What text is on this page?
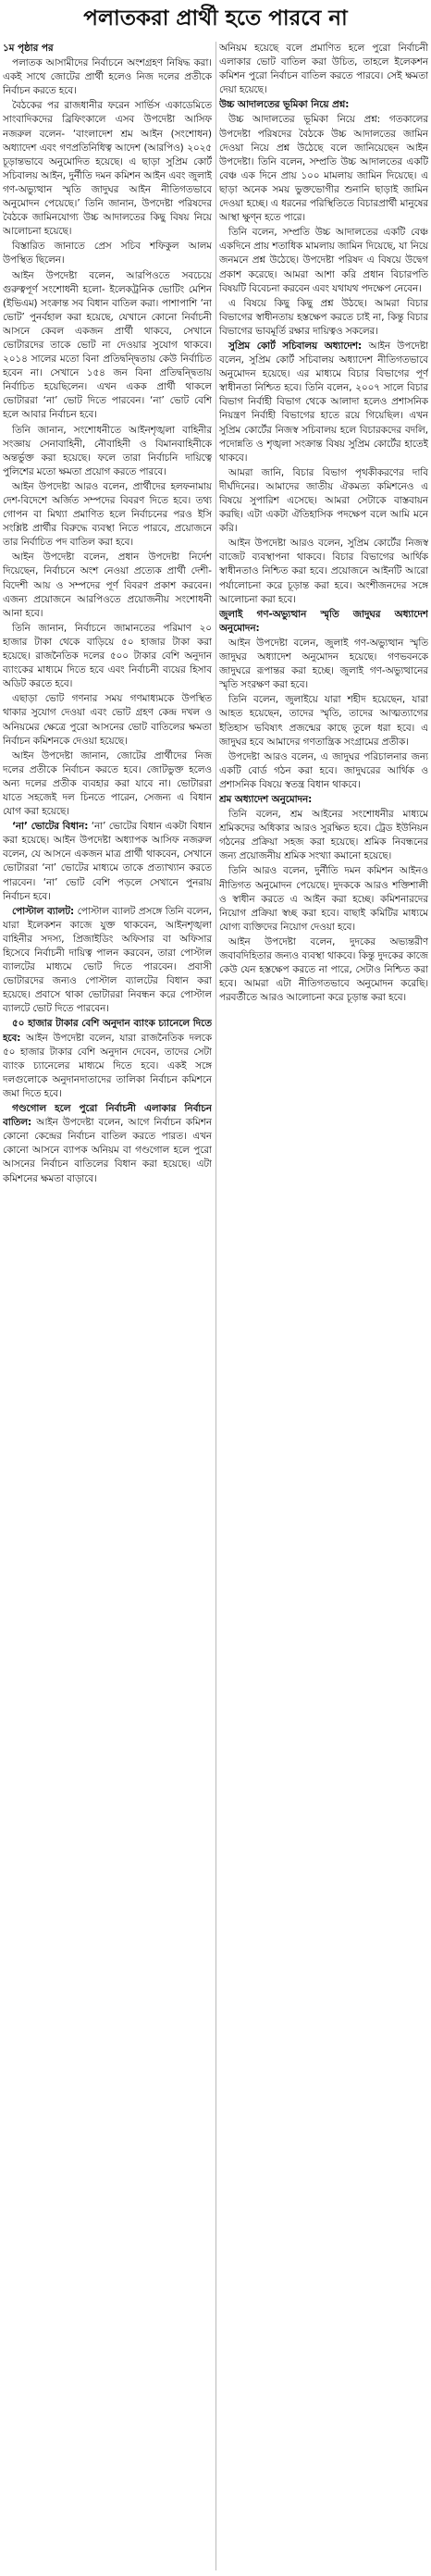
পলাতকরা প্রার্থী হতে পারবে না
১ম পৃষ্ঠার পর

পলাতক আসামীদের নির্বাচনে অংশগ্রহণ নিষিদ্ধ করা। একই সাথে জোটের প্রার্থী হলেও নিজ দলের প্রতীকে নির্বাচন করতে হবে।

বৈঠকের পর রাজধানীর ফরেন সার্ভিস একাডেমিতে সাংবাদিকদের ব্রিফিংকালে এসব উপদেষ্টা আসিফ নজরুল বলেন- ‘বাংলাদেশ শ্রম আইন (সংশোধন) অধ্যাদেশ এবং গণপ্রতিনিধিত্ব আদেশ (আরপিও) ২০২৫ চূড়ান্তভাবে অনুমোদিত হয়েছে। এ ছাড়া সুপ্রিম কোর্ট সচিবালয় আইন, দুর্নীতি দমন কমিশন আইন এবং জুলাই গণ-অভ্যুত্থান স্মৃতি জাদুঘর আইন নীতিগতভাবে অনুমোদন পেয়েছে।’ তিনি জানান, উপদেষ্টা পরিষদের বৈঠকে জামিনযোগ্য উচ্চ আদালতের কিছু বিষয় নিয়ে আলোচনা হয়েছে।

বিস্তারিত জানাতে প্রেস সচিব শফিকুল আলম উপস্থিত ছিলেন।

আইন উপদেষ্টা বলেন, আরপিওতে সবচেয়ে গুরুত্বপূর্ণ সংশোধনী হলো- ইলেকট্রনিক ভোটিং মেশিন (ইভিএম) সংক্রান্ত সব বিধান বাতিল করা। পাশাপাশি ‘না ভোট’ পুনর্বহাল করা হয়েছে, যেখানে কোনো নির্বাচনী আসনে কেবল একজন প্রার্থী থাকবে, সেখানে ভোটারদের তাকে ভোট না দেওয়ার সুযোগ থাকবে। ২০১৪ সালের মতো বিনা প্রতিদ্বন্দ্বিতায় কেউ নির্বাচিত হবেন না। সেখানে ১৫৪ জন বিনা প্রতিদ্বন্দ্বিতায় নির্বাচিত হয়েছিলেন। এখন একক প্রার্থী থাকলে ভোটাররা ‘না’ ভোট দিতে পারবেন। ‘না’ ভোট বেশি হলে আবার নির্বাচন হবে।

তিনি জানান, সংশোধনীতে আইনশৃঙ্খলা বাহিনীর সংজ্ঞায় সেনাবাহিনী, নৌবাহিনী ও বিমানবাহিনীকে অন্তর্ভুক্ত করা হয়েছে। ফলে তারা নির্বাচনি দায়িত্বে পুলিশের মতো ক্ষমতা প্রয়োগ করতে পারবে।

আইন উপদেষ্টা আরও বলেন, প্রার্থীদের হলফনামায় দেশ-বিদেশে অর্জিত সম্পদের বিবরণ দিতে হবে। তথ্য গোপন বা মিথ্যা প্রমাণিত হলে নির্বাচনের পরও ইসি সংশ্লিষ্ট প্রার্থীর বিরুদ্ধে ব্যবস্থা নিতে পারবে, প্রয়োজনে তার নির্বাচিত পদ বাতিল করা হবে।

আইন উপদেষ্টা বলেন, প্রধান উপদেষ্টা নির্দেশ দিয়েছেন, নির্বাচনে অংশ নেওয়া প্রত্যেক প্রার্থী দেশী-বিদেশী আয় ও সম্পদের পূর্ণ বিবরণ প্রকাশ করবেন। এজন্য প্রয়োজনে আরপিওতে প্রয়োজনীয় সংশোধনী আনা হবে।

তিনি জানান, নির্বাচনে জামানতের পরিমাণ ২০ হাজার টাকা থেকে বাড়িয়ে ৫০ হাজার টাকা করা হয়েছে। রাজনৈতিক দলের ৫০০ টাকার বেশি অনুদান ব্যাংকের মাধ্যমে দিতে হবে এবং নির্বাচনী ব্যয়ের হিসাব অডিট করতে হবে।

এছাড়া ভোট গণনার সময় গণমাধ্যমকে উপস্থিত থাকার সুযোগ দেওয়া এবং ভোট গ্রহণ কেন্দ্র দখল ও অনিয়মের ক্ষেত্রে পুরো আসনের ভোট বাতিলের ক্ষমতা নির্বাচন কমিশনকে দেওয়া হয়েছে।

আইন উপদেষ্টা জানান, জোটের প্রার্থীদের নিজ দলের প্রতীকে নির্বাচন করতে হবে। জোটভুক্ত হলেও অন্য দলের প্রতীক ব্যবহার করা যাবে না। ভোটাররা যাতে সহজেই দল চিনতে পারেন, সেজন্য এ বিধান যোগ করা হয়েছে।

‘না’ ভোটের বিধান: ‘না’ ভোটের বিধান একটা বিধান করা হয়েছে। আইন উপদেষ্টা অধ্যাপক আসিফ নজরুল বলেন, যে আসনে একজন মাত্র প্রার্থী থাকবেন, সেখানে ভোটাররা ‘না’ ভোটের মাধ্যমে তাকে প্রত্যাখ্যান করতে পারবেন। ‘না’ ভোট বেশি পড়লে সেখানে পুনরায় নির্বাচন হবে।

পোস্টাল ব্যালট: পোস্টাল ব্যালট প্রসঙ্গে তিনি বলেন, যারা ইলেকশন কাজে যুক্ত থাকবেন, আইনশৃঙ্খলা বাহিনীর সদস্য, প্রিজাইডিং অফিসার বা অফিসার হিসেবে নির্বাচনী দায়িত্ব পালন করবেন, তারা পোস্টাল ব্যালটের মাধ্যমে ভোট দিতে পারবেন। প্রবাসী ভোটারদের জন্যও পোস্টাল ব্যালটের বিধান করা হয়েছে। প্রবাসে থাকা ভোটাররা নিবন্ধন করে পোস্টাল ব্যালটে ভোট দিতে পারবেন।

৫০ হাজার টাকার বেশি অনুদান ব্যাংক চ্যানেলে দিতে হবে: আইন উপদেষ্টা বলেন, যারা রাজনৈতিক দলকে ৫০ হাজার টাকার বেশি অনুদান দেবেন, তাদের সেটা ব্যাংক চ্যানেলের মাধ্যমে দিতে হবে। একই সঙ্গে দলগুলোকে অনুদানদাতাদের তালিকা নির্বাচন কমিশনে জমা দিতে হবে।

গণ্ডগোল হলে পুরো নির্বাচনী এলাকার নির্বাচন বাতিল: আইন উপদেষ্টা বলেন, আগে নির্বাচন কমিশন কোনো কেন্দ্রের নির্বাচন বাতিল করতে পারত। এখন কোনো আসনে ব্যাপক অনিয়ম বা গণ্ডগোল হলে পুরো আসনের নির্বাচন বাতিলের বিধান করা হয়েছে। এটা কমিশনের ক্ষমতা বাড়াবে।

অনিয়ম হয়েছে বলে প্রমাণিত হলে পুরো নির্বাচনী এলাকার ভোট বাতিল করা উচিত, তাহলে ইলেকশন কমিশন পুরো নির্বাচন বাতিল করতে পারবে। সেই ক্ষমতা দেয়া হয়েছে।

উচ্চ আদালতের ভূমিকা নিয়ে প্রশ্ন:

উচ্চ আদালতের ভূমিকা নিয়ে প্রশ্ন: গতকালের উপদেষ্টা পরিষদের বৈঠকে উচ্চ আদালতের জামিন দেওয়া নিয়ে প্রশ্ন উঠেছে বলে জানিয়েছেন আইন উপদেষ্টা। তিনি বলেন, সম্প্রতি উচ্চ আদালতের একটি বেঞ্চ এক দিনে প্রায় ১০০ মামলায় জামিন দিয়েছে। এ ছাড়া অনেক সময় ভুক্তভোগীর শুনানি ছাড়াই জামিন দেওয়া হচ্ছে। এ ধরনের পরিস্থিতিতে বিচারপ্রার্থী মানুষের আস্থা ক্ষুণ্ন হতে পারে।

তিনি বলেন, সম্প্রতি উচ্চ আদালতের একটি বেঞ্চ একদিনে প্রায় শতাধিক মামলায় জামিন দিয়েছে, যা নিয়ে জনমনে প্রশ্ন উঠেছে। উপদেষ্টা পরিষদ এ বিষয়ে উদ্বেগ প্রকাশ করেছে। আমরা আশা করি প্রধান বিচারপতি বিষয়টি বিবেচনা করবেন এবং যথাযথ পদক্ষেপ নেবেন।

এ বিষয়ে কিছু কিছু প্রশ্ন উঠছে। আমরা বিচার বিভাগের স্বাধীনতায় হস্তক্ষেপ করতে চাই না, কিন্তু বিচার বিভাগের ভাবমূর্তি রক্ষার দায়িত্বও সকলের।

সুপ্রিম কোর্ট সচিবালয় অধ্যাদেশ: আইন উপদেষ্টা বলেন, সুপ্রিম কোর্ট সচিবালয় অধ্যাদেশ নীতিগতভাবে অনুমোদন হয়েছে। এর মাধ্যমে বিচার বিভাগের পূর্ণ স্বাধীনতা নিশ্চিত হবে। তিনি বলেন, ২০০৭ সালে বিচার বিভাগ নির্বাহী বিভাগ থেকে আলাদা হলেও প্রশাসনিক নিয়ন্ত্রণ নির্বাহী বিভাগের হাতে রয়ে গিয়েছিল। এখন সুপ্রিম কোর্টের নিজস্ব সচিবালয় হলে বিচারকদের বদলি, পদোন্নতি ও শৃঙ্খলা সংক্রান্ত বিষয় সুপ্রিম কোর্টের হাতেই থাকবে।

আমরা জানি, বিচার বিভাগ পৃথকীকরণের দাবি দীর্ঘদিনের। আমাদের জাতীয় ঐকমত্য কমিশনেও এ বিষয়ে সুপারিশ এসেছে। আমরা সেটাকে বাস্তবায়ন করছি। এটা একটা ঐতিহাসিক পদক্ষেপ বলে আমি মনে করি।

আইন উপদেষ্টা আরও বলেন, সুপ্রিম কোর্টের নিজস্ব বাজেট ব্যবস্থাপনা থাকবে। বিচার বিভাগের আর্থিক স্বাধীনতাও নিশ্চিত করা হবে। প্রয়োজনে আইনটি আরো পর্যালোচনা করে চূড়ান্ত করা হবে। অংশীজনদের সঙ্গে আলোচনা করা হবে।

জুলাই গণ-অভ্যুত্থান স্মৃতি জাদুঘর অধ্যাদেশ অনুমোদন:

আইন উপদেষ্টা বলেন, জুলাই গণ-অভ্যুত্থান স্মৃতি জাদুঘর অধ্যাদেশ অনুমোদন হয়েছে। গণভবনকে জাদুঘরে রূপান্তর করা হচ্ছে। জুলাই গণ-অভ্যুত্থানের স্মৃতি সংরক্ষণ করা হবে।

তিনি বলেন, জুলাইয়ে যারা শহীদ হয়েছেন, যারা আহত হয়েছেন, তাদের স্মৃতি, তাদের আত্মত্যাগের ইতিহাস ভবিষ্যৎ প্রজন্মের কাছে তুলে ধরা হবে। এ জাদুঘর হবে আমাদের গণতান্ত্রিক সংগ্রামের প্রতীক।

উপদেষ্টা আরও বলেন, এ জাদুঘর পরিচালনার জন্য একটি বোর্ড গঠন করা হবে। জাদুঘরের আর্থিক ও প্রশাসনিক বিষয়ে স্বতন্ত্র বিধান থাকবে।

শ্রম অধ্যাদেশ অনুমোদন:

তিনি বলেন, শ্রম আইনের সংশোধনীর মাধ্যমে শ্রমিকদের অধিকার আরও সুরক্ষিত হবে। ট্রেড ইউনিয়ন গঠনের প্রক্রিয়া সহজ করা হয়েছে। শ্রমিক নিবন্ধনের জন্য প্রয়োজনীয় শ্রমিক সংখ্যা কমানো হয়েছে।

তিনি আরও বলেন, দুর্নীতি দমন কমিশন আইনও নীতিগত অনুমোদন পেয়েছে। দুদককে আরও শক্তিশালী ও স্বাধীন করতে এ আইন করা হচ্ছে। কমিশনারদের নিয়োগ প্রক্রিয়া স্বচ্ছ করা হবে। বাছাই কমিটির মাধ্যমে যোগ্য ব্যক্তিদের নিয়োগ দেওয়া হবে।

আইন উপদেষ্টা বলেন, দুদকের অভ্যন্তরীণ জবাবদিহিতার জন্যও ব্যবস্থা থাকবে। কিন্তু দুদকের কাজে কেউ যেন হস্তক্ষেপ করতে না পারে, সেটাও নিশ্চিত করা হবে। আমরা এটা নীতিগতভাবে অনুমোদন করেছি। পরবর্তীতে আরও আলোচনা করে চূড়ান্ত করা হবে।
